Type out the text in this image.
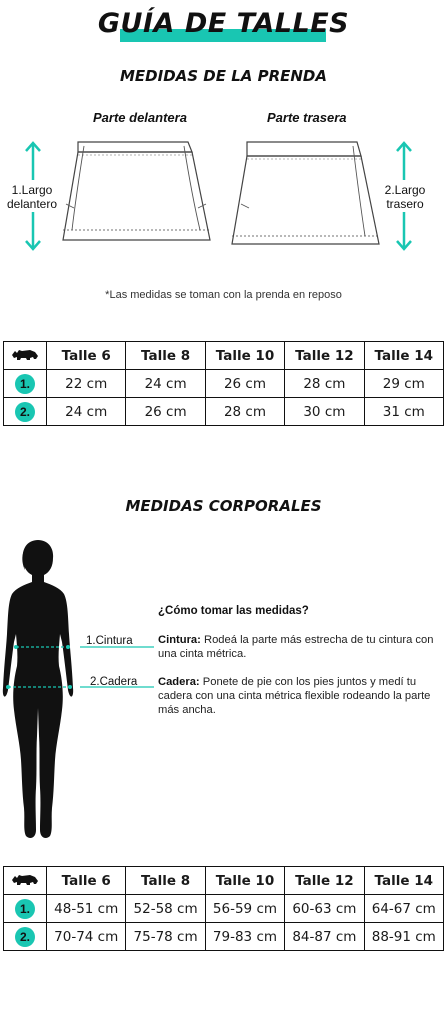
GUÍA DE TALLES
MEDIDAS DE LA PRENDA
Parte delantera	Parte trasera
1.Largo
delantero
2.Largo
trasero
*Las medidas se toman con la prenda en reposo
	Talle 6	Talle 8	Talle 10	Talle 12	Talle 14
1.	22 cm	24 cm	26 cm	28 cm	29 cm
2.	24 cm	26 cm	28 cm	30 cm	31 cm
MEDIDAS CORPORALES
1.Cintura
2.Cadera
¿Cómo tomar las medidas?
Cintura: Rodeá la parte más estrecha de tu cintura con una cinta métrica.
Cadera: Ponete de pie con los pies juntos y medí tu cadera con una cinta métrica flexible rodeando la parte más ancha.
	Talle 6	Talle 8	Talle 10	Talle 12	Talle 14
1.	48-51 cm	52-58 cm	56-59 cm	60-63 cm	64-67 cm
2.	70-74 cm	75-78 cm	79-83 cm	84-87 cm	88-91 cm
